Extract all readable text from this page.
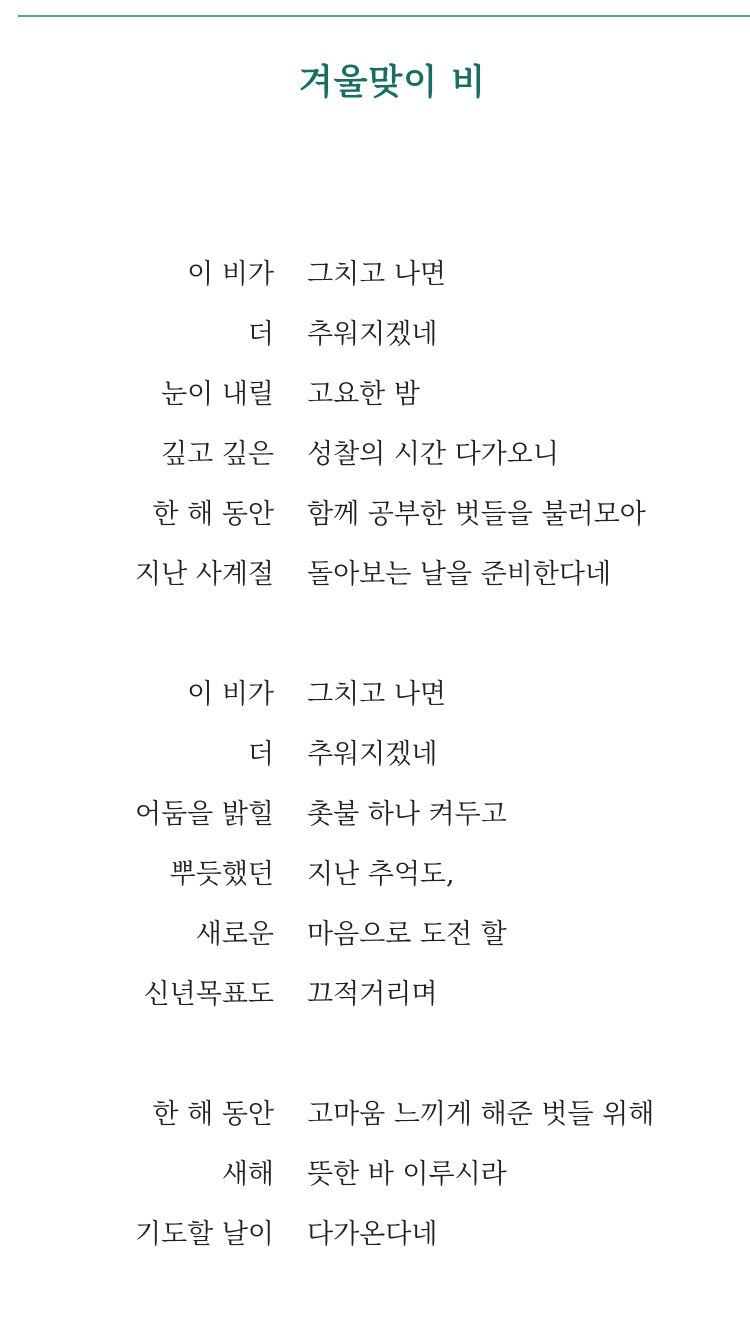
겨울맞이 비
이 비가 그치고 나면
더 추워지겠네
눈이 내릴 고요한 밤
깊고 깊은 성찰의 시간 다가오니
한 해 동안 함께 공부한 벗들을 불러모아
지난 사계절 돌아보는 날을 준비한다네
이 비가 그치고 나면
더 추워지겠네
어둠을 밝힐 촛불 하나 켜두고
뿌듯했던 지난 추억도,
새로운 마음으로 도전 할
신년목표도 끄적거리며
한 해 동안 고마움 느끼게 해준 벗들 위해
새해 뜻한 바 이루시라
기도할 날이 다가온다네
